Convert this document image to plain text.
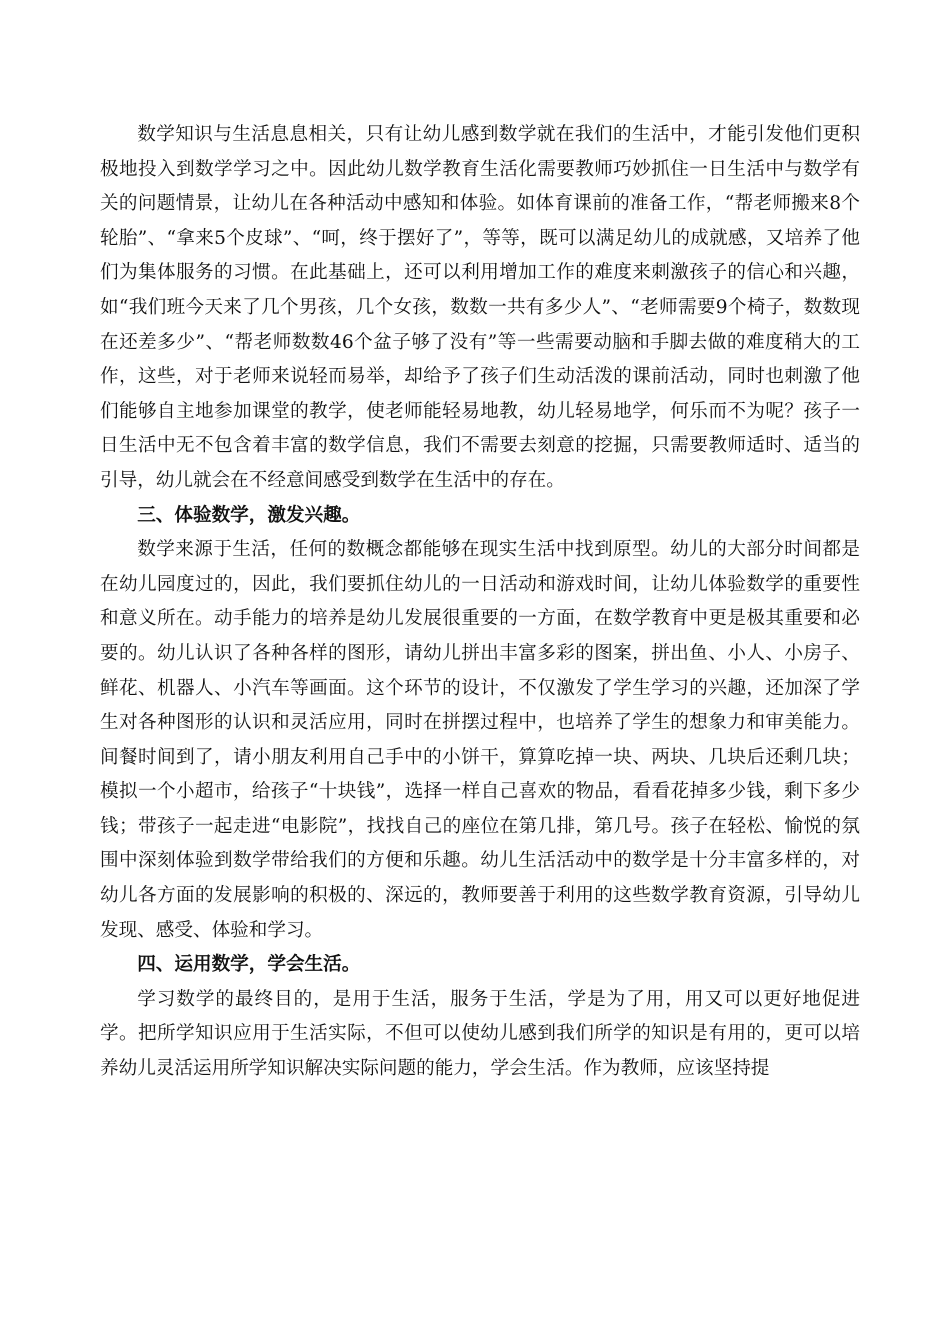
数学知识与生活息息相关，只有让幼儿感到数学就在我们的生活中，才能引发他们更积极地投入到数学学习之中。因此幼儿数学教育生活化需要教师巧妙抓住一日生活中与数学有关的问题情景，让幼儿在各种活动中感知和体验。如体育课前的准备工作，“帮老师搬来8个轮胎”、“拿来5个皮球”、“呵，终于摆好了”，等等，既可以满足幼儿的成就感，又培养了他们为集体服务的习惯。在此基础上，还可以利用增加工作的难度来刺激孩子的信心和兴趣，如“我们班今天来了几个男孩，几个女孩，数数一共有多少人”、“老师需要9个椅子，数数现在还差多少”、“帮老师数数46个盆子够了没有”等一些需要动脑和手脚去做的难度稍大的工作，这些，对于老师来说轻而易举，却给予了孩子们生动活泼的课前活动，同时也刺激了他们能够自主地参加课堂的教学，使老师能轻易地教，幼儿轻易地学，何乐而不为呢？孩子一日生活中无不包含着丰富的数学信息，我们不需要去刻意的挖掘，只需要教师适时、适当的引导，幼儿就会在不经意间感受到数学在生活中的存在。

三、体验数学，激发兴趣。

数学来源于生活，任何的数概念都能够在现实生活中找到原型。幼儿的大部分时间都是在幼儿园度过的，因此，我们要抓住幼儿的一日活动和游戏时间，让幼儿体验数学的重要性和意义所在。动手能力的培养是幼儿发展很重要的一方面，在数学教育中更是极其重要和必要的。幼儿认识了各种各样的图形，请幼儿拼出丰富多彩的图案，拼出鱼、小人、小房子、鲜花、机器人、小汽车等画面。这个环节的设计，不仅激发了学生学习的兴趣，还加深了学生对各种图形的认识和灵活应用，同时在拼摆过程中，也培养了学生的想象力和审美能力。间餐时间到了，请小朋友利用自己手中的小饼干，算算吃掉一块、两块、几块后还剩几块；模拟一个小超市，给孩子“十块钱”，选择一样自己喜欢的物品，看看花掉多少钱，剩下多少钱；带孩子一起走进“电影院”，找找自己的座位在第几排，第几号。孩子在轻松、愉悦的氛围中深刻体验到数学带给我们的方便和乐趣。幼儿生活活动中的数学是十分丰富多样的，对幼儿各方面的发展影响的积极的、深远的，教师要善于利用的这些数学教育资源，引导幼儿发现、感受、体验和学习。

四、运用数学，学会生活。

学习数学的最终目的，是用于生活，服务于生活，学是为了用，用又可以更好地促进学。把所学知识应用于生活实际，不但可以使幼儿感到我们所学的知识是有用的，更可以培养幼儿灵活运用所学知识解决实际问题的能力，学会生活。作为教师，应该坚持提
